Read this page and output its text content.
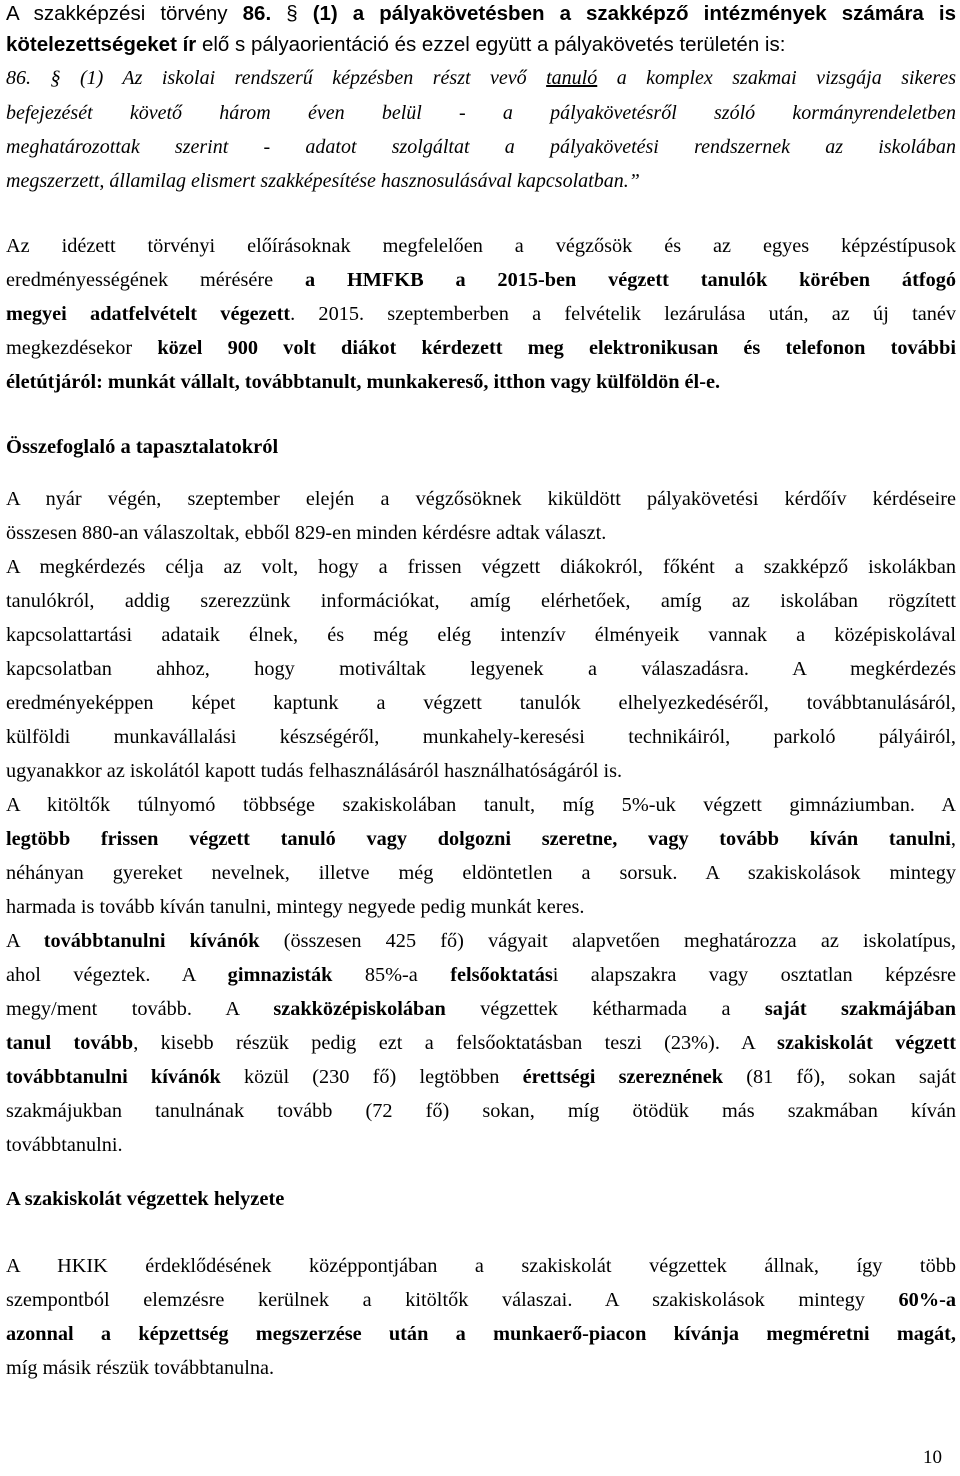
A szakképzési törvény 86. § (1) a pályakövetésben a szakképző intézmények számára is
kötelezettségeket ír elő s pályaorientáció és ezzel együtt a pályakövetés területén is:
86. § (1) Az iskolai rendszerű képzésben részt vevő tanuló a komplex szakmai vizsgája sikeres
befejezését követő három éven belül - a pályakövetésről szóló kormányrendeletben
meghatározottak szerint - adatot szolgáltat a pályakövetési rendszernek az iskolában
megszerzett, államilag elismert szakképesítése hasznosulásával kapcsolatban.”
Az idézett törvényi előírásoknak megfelelően a végzősök és az egyes képzéstípusok
eredményességének mérésére a HMFKB a 2015-ben végzett tanulók körében átfogó
megyei adatfelvételt végezett. 2015. szeptemberben a felvételik lezárulása után, az új tanév
megkezdésekor közel 900 volt diákot kérdezett meg elektronikusan és telefonon további
életútjáról: munkát vállalt, továbbtanult, munkakereső, itthon vagy külföldön él-e.
Összefoglaló a tapasztalatokról
A nyár végén, szeptember elején a végzősöknek kiküldött pályakövetési kérdőív kérdéseire
összesen 880-an válaszoltak, ebből 829-en minden kérdésre adtak választ.
A megkérdezés célja az volt, hogy a frissen végzett diákokról, főként a szakképző iskolákban
tanulókról, addig szerezzünk információkat, amíg elérhetőek, amíg az iskolában rögzített
kapcsolattartási adataik élnek, és még elég intenzív élményeik vannak a középiskolával
kapcsolatban ahhoz, hogy motiváltak legyenek a válaszadásra. A megkérdezés
eredményeképpen képet kaptunk a végzett tanulók elhelyezkedéséről, továbbtanulásáról,
külföldi munkavállalási készségéről, munkahely-keresési technikáiról, parkoló pályáiról,
ugyanakkor az iskolától kapott tudás felhasználásáról használhatóságáról is.
A kitöltők túlnyomó többsége szakiskolában tanult, míg 5%-uk végzett gimnáziumban. A
legtöbb frissen végzett tanuló vagy dolgozni szeretne, vagy tovább kíván tanulni,
néhányan gyereket nevelnek, illetve még eldöntetlen a sorsuk. A szakiskolások mintegy
harmada is tovább kíván tanulni, mintegy negyede pedig munkát keres.
A továbbtanulni kívánók (összesen 425 fő) vágyait alapvetően meghatározza az iskolatípus,
ahol végeztek. A gimnazisták 85%-a felsőoktatási alapszakra vagy osztatlan képzésre
megy/ment tovább. A szakközépiskolában végzettek kétharmada a saját szakmájában
tanul tovább, kisebb részük pedig ezt a felsőoktatásban teszi (23%). A szakiskolát végzett
továbbtanulni kívánók közül (230 fő) legtöbben érettségi szereznének (81 fő), sokan saját
szakmájukban tanulnának tovább (72 fő) sokan, míg ötödük más szakmában kíván
továbbtanulni.
A szakiskolát végzettek helyzete
A HKIK érdeklődésének középpontjában a szakiskolát végzettek állnak, így több
szempontból elemzésre kerülnek a kitöltők válaszai. A szakiskolások mintegy 60%-a
azonnal a képzettség megszerzése után a munkaerő-piacon kívánja megméretni magát,
míg másik részük továbbtanulna.
10
